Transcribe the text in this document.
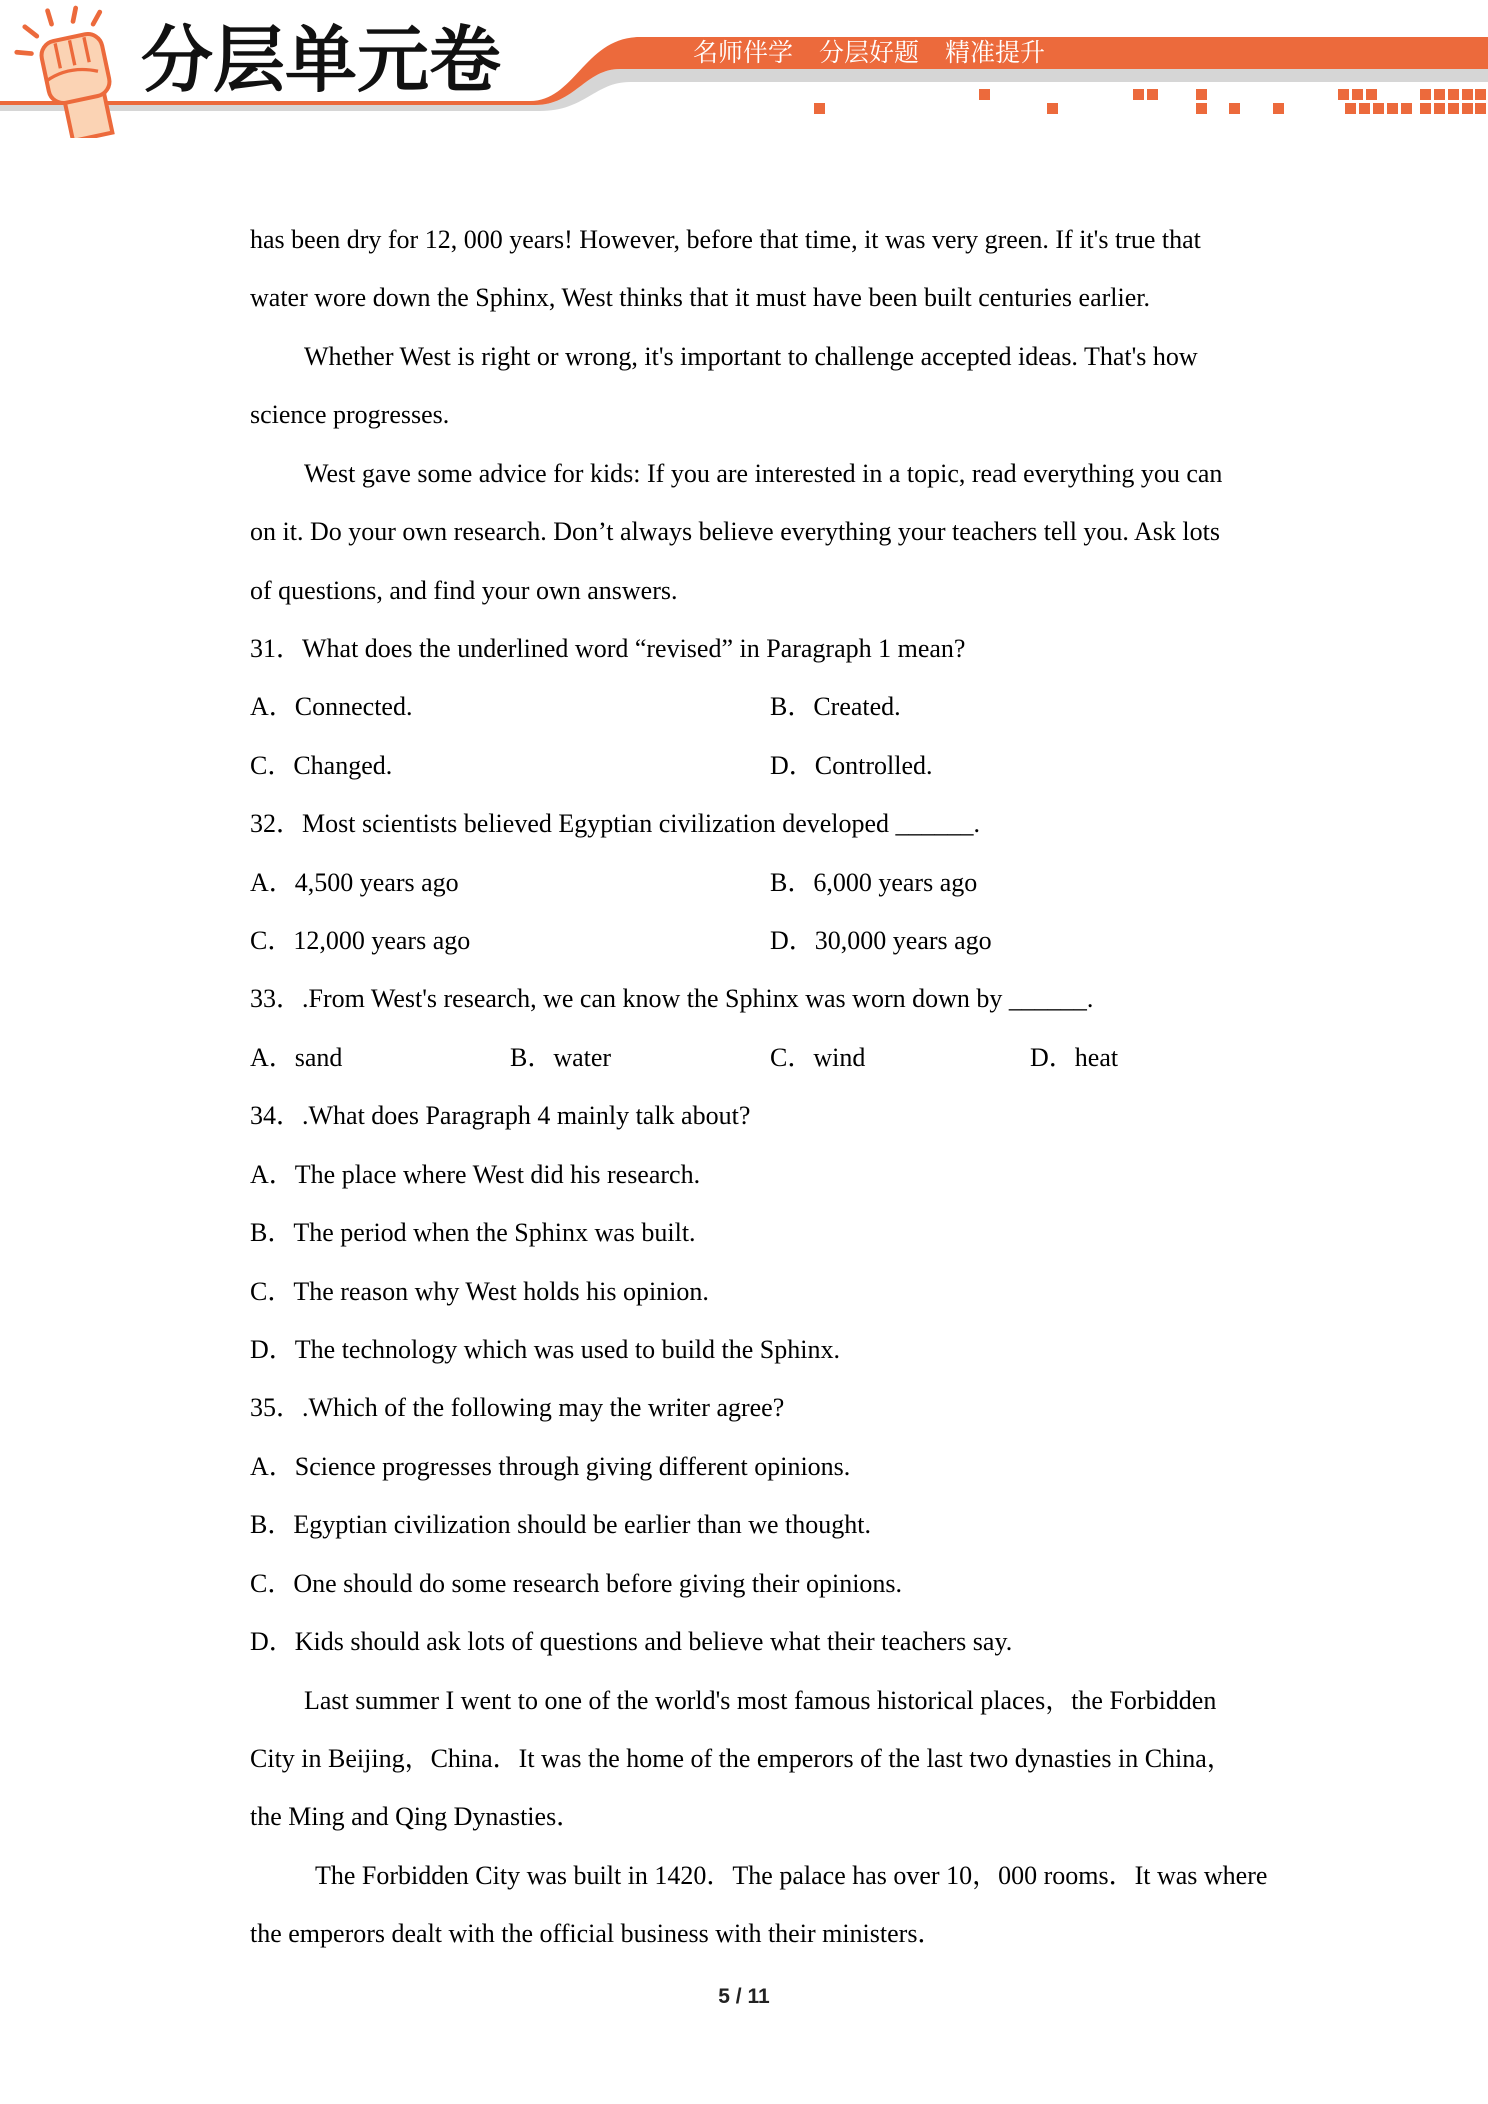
分层单元卷	名师伴学 分层好题 精准提升
has been dry for 12, 000 years! However, before that time, it was very green. If it's true that
water wore down the Sphinx, West thinks that it must have been built centuries earlier.
Whether West is right or wrong, it's important to challenge accepted ideas. That's how
science progresses.
West gave some advice for kids: If you are interested in a topic, read everything you can
on it. Do your own research. Don’t always believe everything your teachers tell you. Ask lots
of questions, and find your own answers.
31．What does the underlined word “revised” in Paragraph 1 mean?
A．Connected.	B．Created.
C．Changed.	D．Controlled.
32．Most scientists believed Egyptian civilization developed ______.
A．4,500 years ago	B．6,000 years ago
C．12,000 years ago	D．30,000 years ago
33．.From West's research, we can know the Sphinx was worn down by ______.
A．sand	B．water	C．wind	D．heat
34．.What does Paragraph 4 mainly talk about?
A．The place where West did his research.
B．The period when the Sphinx was built.
C．The reason why West holds his opinion.
D．The technology which was used to build the Sphinx.
35．.Which of the following may the writer agree?
A．Science progresses through giving different opinions.
B．Egyptian civilization should be earlier than we thought.
C．One should do some research before giving their opinions.
D．Kids should ask lots of questions and believe what their teachers say.
Last summer I went to one of the world's most famous historical places，the Forbidden
City in Beijing，China．It was the home of the emperors of the last two dynasties in China，
the Ming and Qing Dynasties．
The Forbidden City was built in 1420．The palace has over 10，000 rooms．It was where
the emperors dealt with the official business with their ministers．
5 / 11
